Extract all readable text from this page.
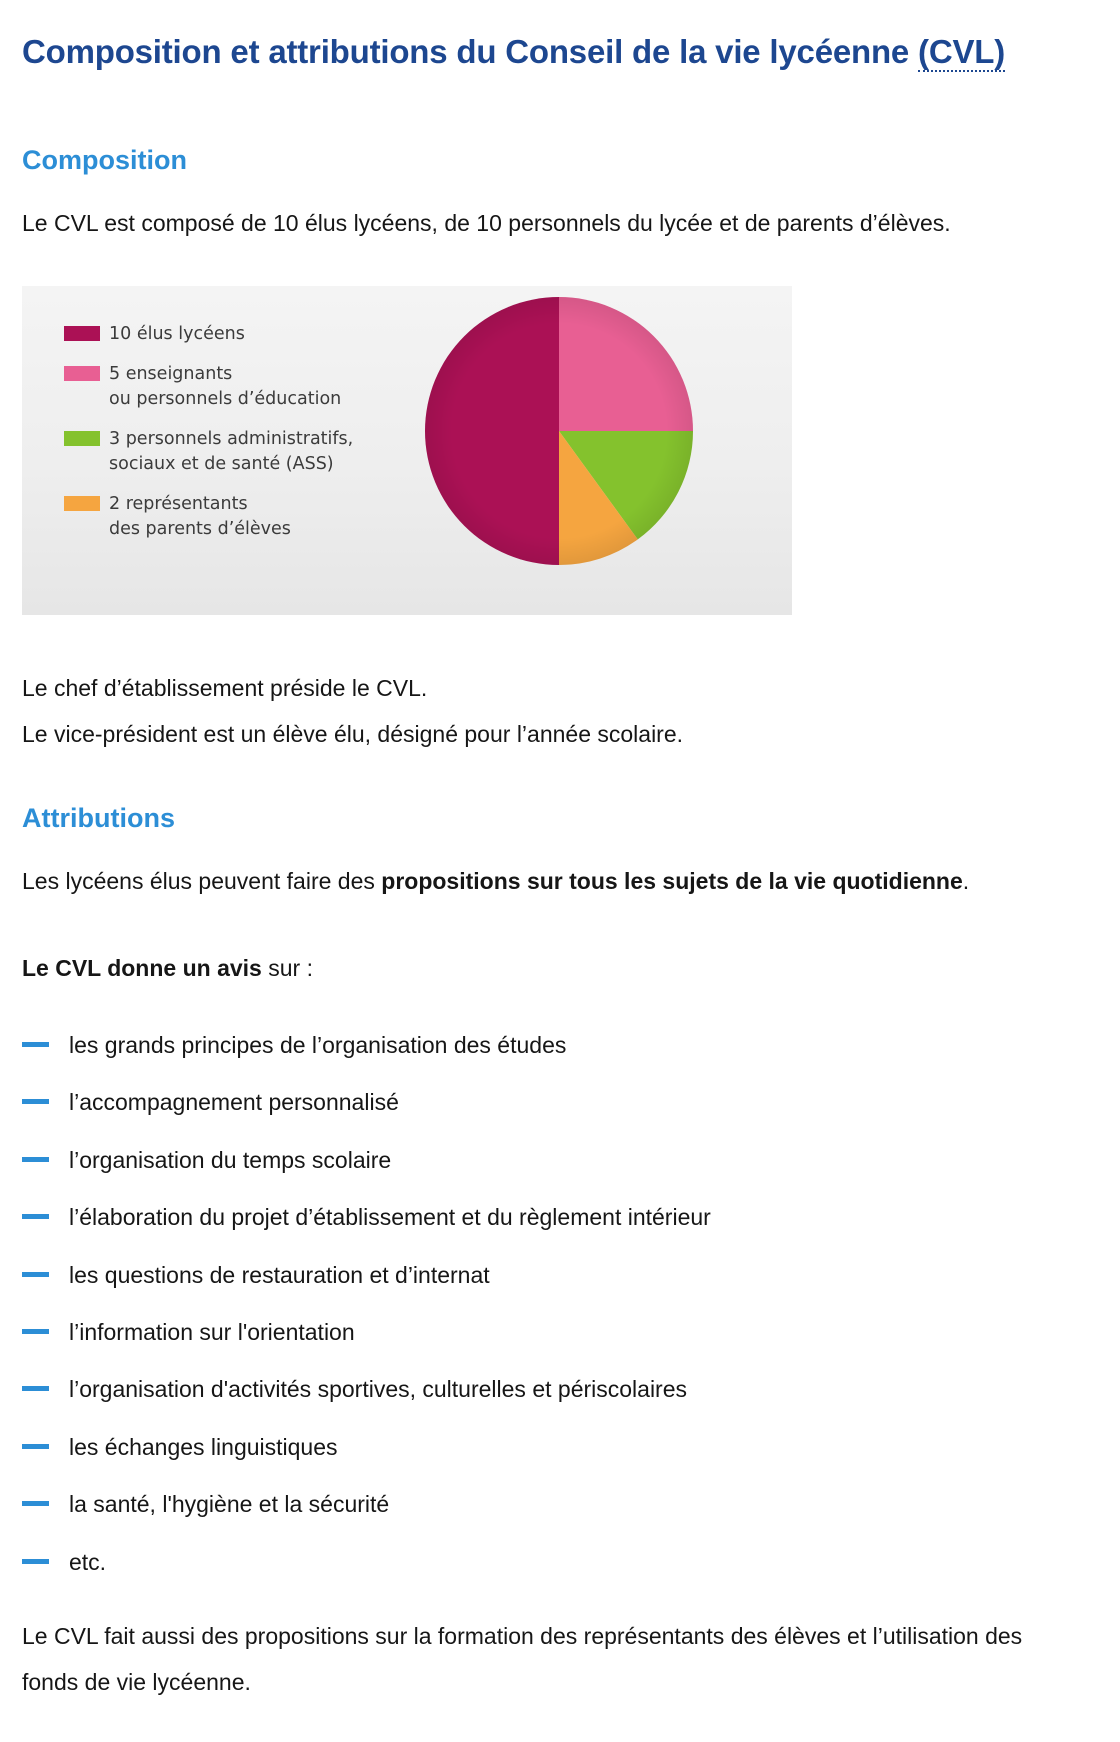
Composition et attributions du Conseil de la vie lycéenne (CVL)
Composition

Le CVL est composé de 10 élus lycéens, de 10 personnels du lycée et de parents d’élèves.

10 élus lycéens
5 enseignants
ou personnels d’éducation
3 personnels administratifs,
sociaux et de santé (ASS)
2 représentants
des parents d’élèves

Le chef d’établissement préside le CVL.

Le vice-président est un élève élu, désigné pour l’année scolaire.

Attributions

Les lycéens élus peuvent faire des propositions sur tous les sujets de la vie quotidienne.

Le CVL donne un avis sur :

les grands principes de l’organisation des études
l’accompagnement personnalisé
l’organisation du temps scolaire
l’élaboration du projet d’établissement et du règlement intérieur
les questions de restauration et d’internat
l’information sur l'orientation
l’organisation d'activités sportives, culturelles et périscolaires
les échanges linguistiques
la santé, l'hygiène et la sécurité
etc.

Le CVL fait aussi des propositions sur la formation des représentants des élèves et l’utilisation des fonds de vie lycéenne.
